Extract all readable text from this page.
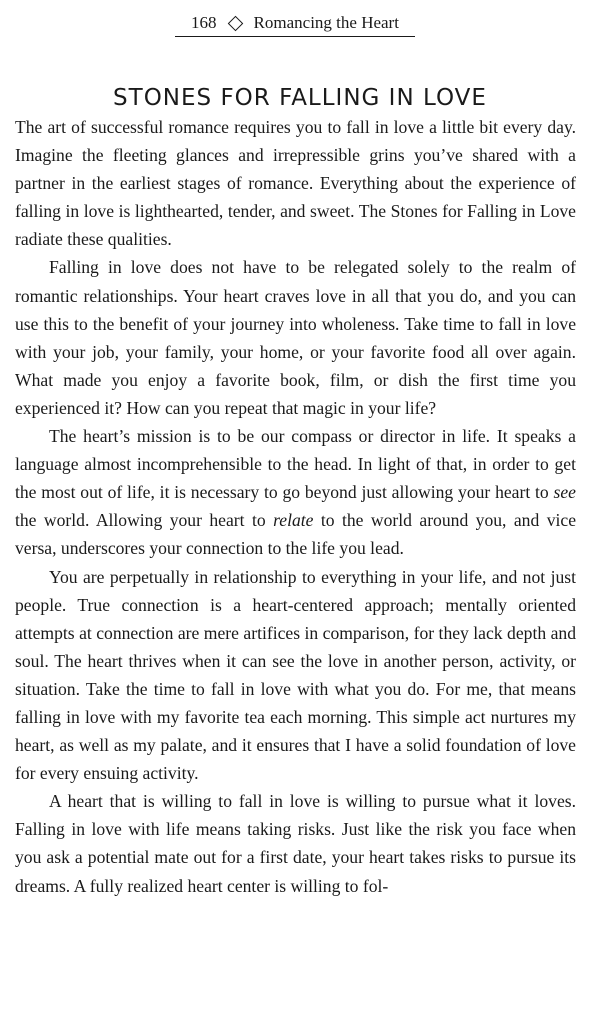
168 Romancing the Heart
STONES FOR FALLING IN LOVE

The art of successful romance requires you to fall in love a little bit every day. Imagine the fleeting glances and irrepressible grins you’ve shared with a partner in the earliest stages of romance. Everything about the experience of falling in love is lighthearted, tender, and sweet. The Stones for Falling in Love radiate these qualities.

Falling in love does not have to be relegated solely to the realm of romantic relationships. Your heart craves love in all that you do, and you can use this to the benefit of your journey into wholeness. Take time to fall in love with your job, your family, your home, or your favorite food all over again. What made you enjoy a favorite book, film, or dish the first time you experienced it? How can you repeat that magic in your life?

The heart’s mission is to be our compass or director in life. It speaks a language almost incomprehensible to the head. In light of that, in order to get the most out of life, it is necessary to go beyond just allowing your heart to see the world. Allowing your heart to relate to the world around you, and vice versa, underscores your connection to the life you lead.

You are perpetually in relationship to everything in your life, and not just people. True connection is a heart-centered approach; mentally oriented attempts at connection are mere artifices in comparison, for they lack depth and soul. The heart thrives when it can see the love in another person, activity, or situation. Take the time to fall in love with what you do. For me, that means falling in love with my favorite tea each morning. This simple act nurtures my heart, as well as my palate, and it ensures that I have a solid foundation of love for every ensuing activity.

A heart that is willing to fall in love is willing to pursue what it loves. Falling in love with life means taking risks. Just like the risk you face when you ask a potential mate out for a first date, your heart takes risks to pursue its dreams. A fully realized heart center is willing to fol-
